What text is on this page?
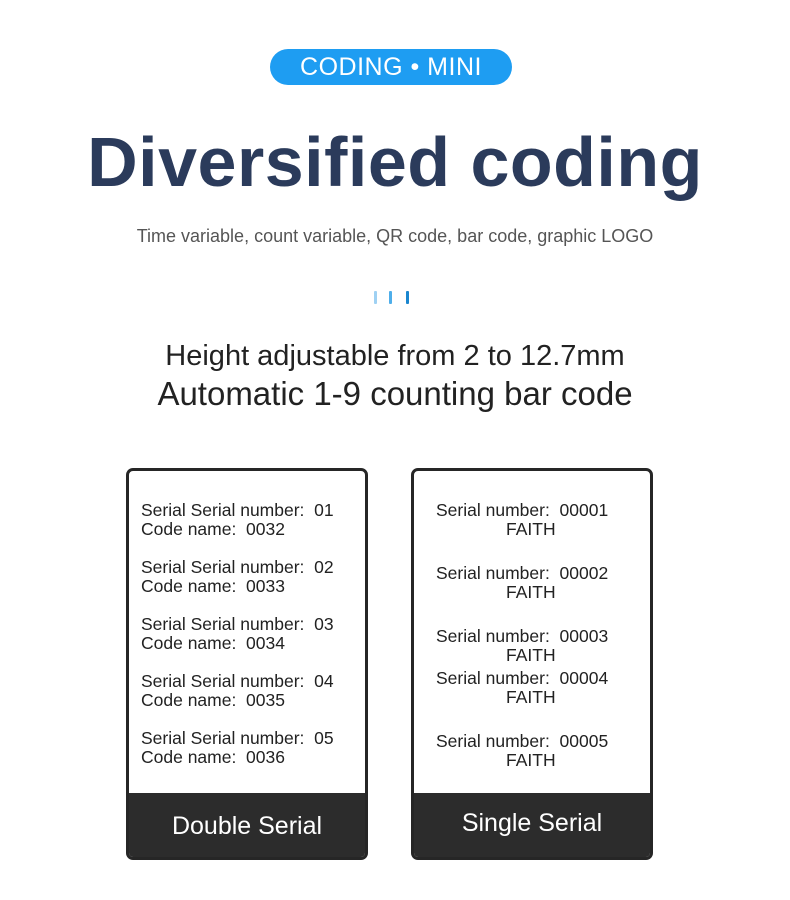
CODING • MINI
Diversified coding
Time variable, count variable, QR code, bar code, graphic LOGO
Height adjustable from 2 to 12.7mm
Automatic 1-9 counting bar code
Serial Serial number:  01
Code name:  0032
Serial Serial number:  02
Code name:  0033
Serial Serial number:  03
Code name:  0034
Serial Serial number:  04
Code name:  0035
Serial Serial number:  05
Code name:  0036
Double Serial
Serial number:  00001
FAITH
Serial number:  00002
FAITH
Serial number:  00003
FAITH
Serial number:  00004
FAITH
Serial number:  00005
FAITH
Single Serial
